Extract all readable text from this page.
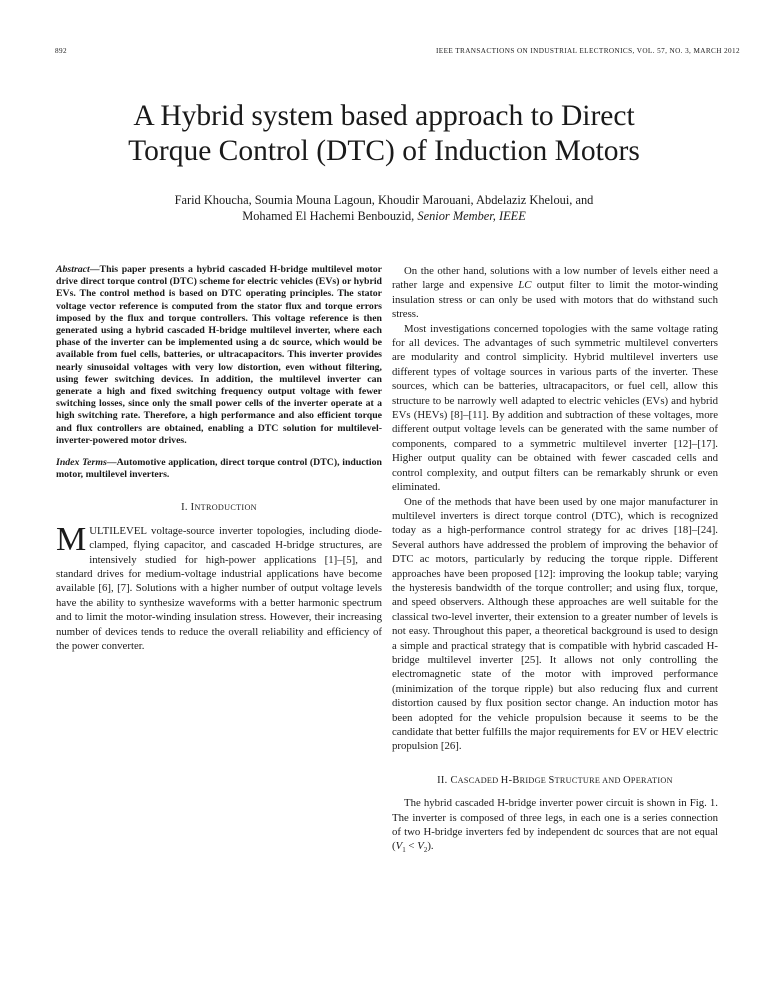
892	IEEE TRANSACTIONS ON INDUSTRIAL ELECTRONICS, VOL. 57, NO. 3, MARCH 2012
A Hybrid system based approach to Direct
Torque Control (DTC) of Induction Motors
Farid Khoucha, Soumia Mouna Lagoun, Khoudir Marouani, Abdelaziz Kheloui, and
Mohamed El Hachemi Benbouzid, Senior Member, IEEE
Abstract—This paper presents a hybrid cascaded H-bridge multilevel motor drive direct torque control (DTC) scheme for electric vehicles (EVs) or hybrid EVs. The control method is based on DTC operating principles. The stator voltage vector reference is computed from the stator flux and torque errors imposed by the flux and torque controllers. This voltage reference is then generated using a hybrid cascaded H-bridge multilevel inverter, where each phase of the inverter can be implemented using a dc source, which would be available from fuel cells, batteries, or ultracapacitors. This inverter provides nearly sinusoidal voltages with very low distortion, even without filtering, using fewer switching devices. In addition, the multilevel inverter can generate a high and fixed switching frequency output voltage with fewer switching losses, since only the small power cells of the inverter operate at a high switching rate. Therefore, a high performance and also efficient torque and flux controllers are obtained, enabling a DTC solution for multilevel-inverter-powered motor drives.
Index Terms—Automotive application, direct torque control (DTC), induction motor, multilevel inverters.
I. INTRODUCTION

MULTILEVEL voltage-source inverter topologies, including diode-clamped, flying capacitor, and cascaded H-bridge structures, are intensively studied for high-power applications [1]–[5], and standard drives for medium-voltage industrial applications have become available [6], [7]. Solutions with a higher number of output voltage levels have the ability to synthesize waveforms with a better harmonic spectrum and to limit the motor-winding insulation stress. However, their increasing number of devices tends to reduce the overall reliability and efficiency of the power converter.

On the other hand, solutions with a low number of levels either need a rather large and expensive LC output filter to limit the motor-winding insulation stress or can only be used with motors that do withstand such stress.

Most investigations concerned topologies with the same voltage rating for all devices. The advantages of such symmetric multilevel converters are modularity and control simplicity. Hybrid multilevel inverters use different types of voltage sources in various parts of the inverter. These sources, which can be batteries, ultracapacitors, or fuel cell, allow this structure to be narrowly well adapted to electric vehicles (EVs) and hybrid EVs (HEVs) [8]–[11]. By addition and subtraction of these voltages, more different output voltage levels can be generated with the same number of components, compared to a symmetric multilevel inverter [12]–[17]. Higher output quality can be obtained with fewer cascaded cells and control complexity, and output filters can be remarkably shrunk or even eliminated.

One of the methods that have been used by one major manufacturer in multilevel inverters is direct torque control (DTC), which is recognized today as a high-performance control strategy for ac drives [18]–[24]. Several authors have addressed the problem of improving the behavior of DTC ac motors, particularly by reducing the torque ripple. Different approaches have been proposed [12]: improving the lookup table; varying the hysteresis bandwidth of the torque controller; and using flux, torque, and speed observers. Although these approaches are well suitable for the classical two-level inverter, their extension to a greater number of levels is not easy. Throughout this paper, a theoretical background is used to design a simple and practical strategy that is compatible with hybrid cascaded H-bridge multilevel inverter [25]. It allows not only controlling the electromagnetic state of the motor with improved performance (minimization of the torque ripple) but also reducing flux and current distortion caused by flux position sector change. An induction motor has been adopted for the vehicle propulsion because it seems to be the candidate that better fulfills the major requirements for EV or HEV electric propulsion [26].

II. CASCADED H-BRIDGE STRUCTURE AND OPERATION

The hybrid cascaded H-bridge inverter power circuit is shown in Fig. 1. The inverter is composed of three legs, in each one is a series connection of two H-bridge inverters fed by independent dc sources that are not equal $(V_1 < V_2)$.
